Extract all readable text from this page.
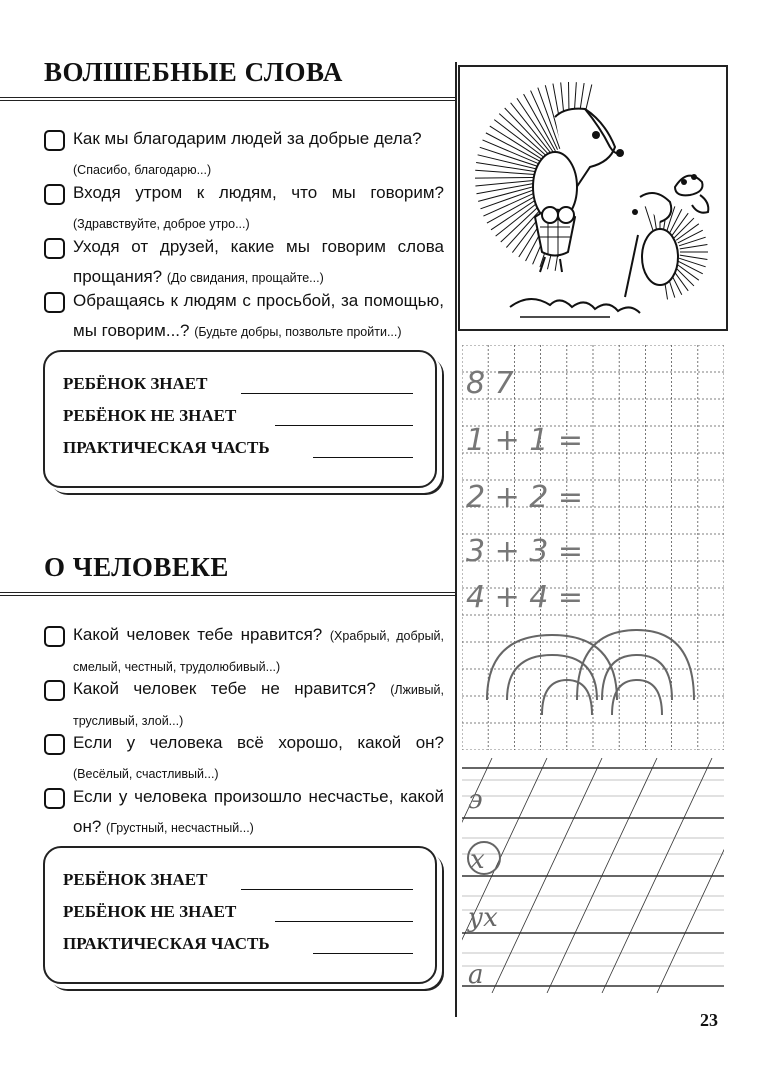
ВОЛШЕБНЫЕ СЛОВА
Как мы благодарим людей за добрые дела?
(Спасибо, благодарю...)
Входя утром к людям, что мы говорим? (Здравствуйте, доброе утро...)
Уходя от друзей, какие мы говорим слова прощания? (До свидания, прощайте...)
Обращаясь к людям с просьбой, за помощью, мы говорим...? (Будьте добры, позвольте пройти...)
РЕБЁНОК ЗНАЕТ
РЕБЁНОК НЕ ЗНАЕТ
ПРАКТИЧЕСКАЯ ЧАСТЬ
О ЧЕЛОВЕКЕ
Какой человек тебе нравится? (Храбрый, добрый, смелый, честный, трудолюбивый...)
Какой человек тебе не нравится? (Лживый, трусливый, злой...)
Если у человека всё хорошо, какой он? (Весёлый, счастливый...)
Если у человека произошло несчастье, какой он? (Грустный, несчастный...)
РЕБЁНОК ЗНАЕТ
РЕБЁНОК НЕ ЗНАЕТ
ПРАКТИЧЕСКАЯ ЧАСТЬ
8 7
1 + 1 =
2 + 2 =
3 + 3 =
4 + 4 =
э
х
ух
а
23
